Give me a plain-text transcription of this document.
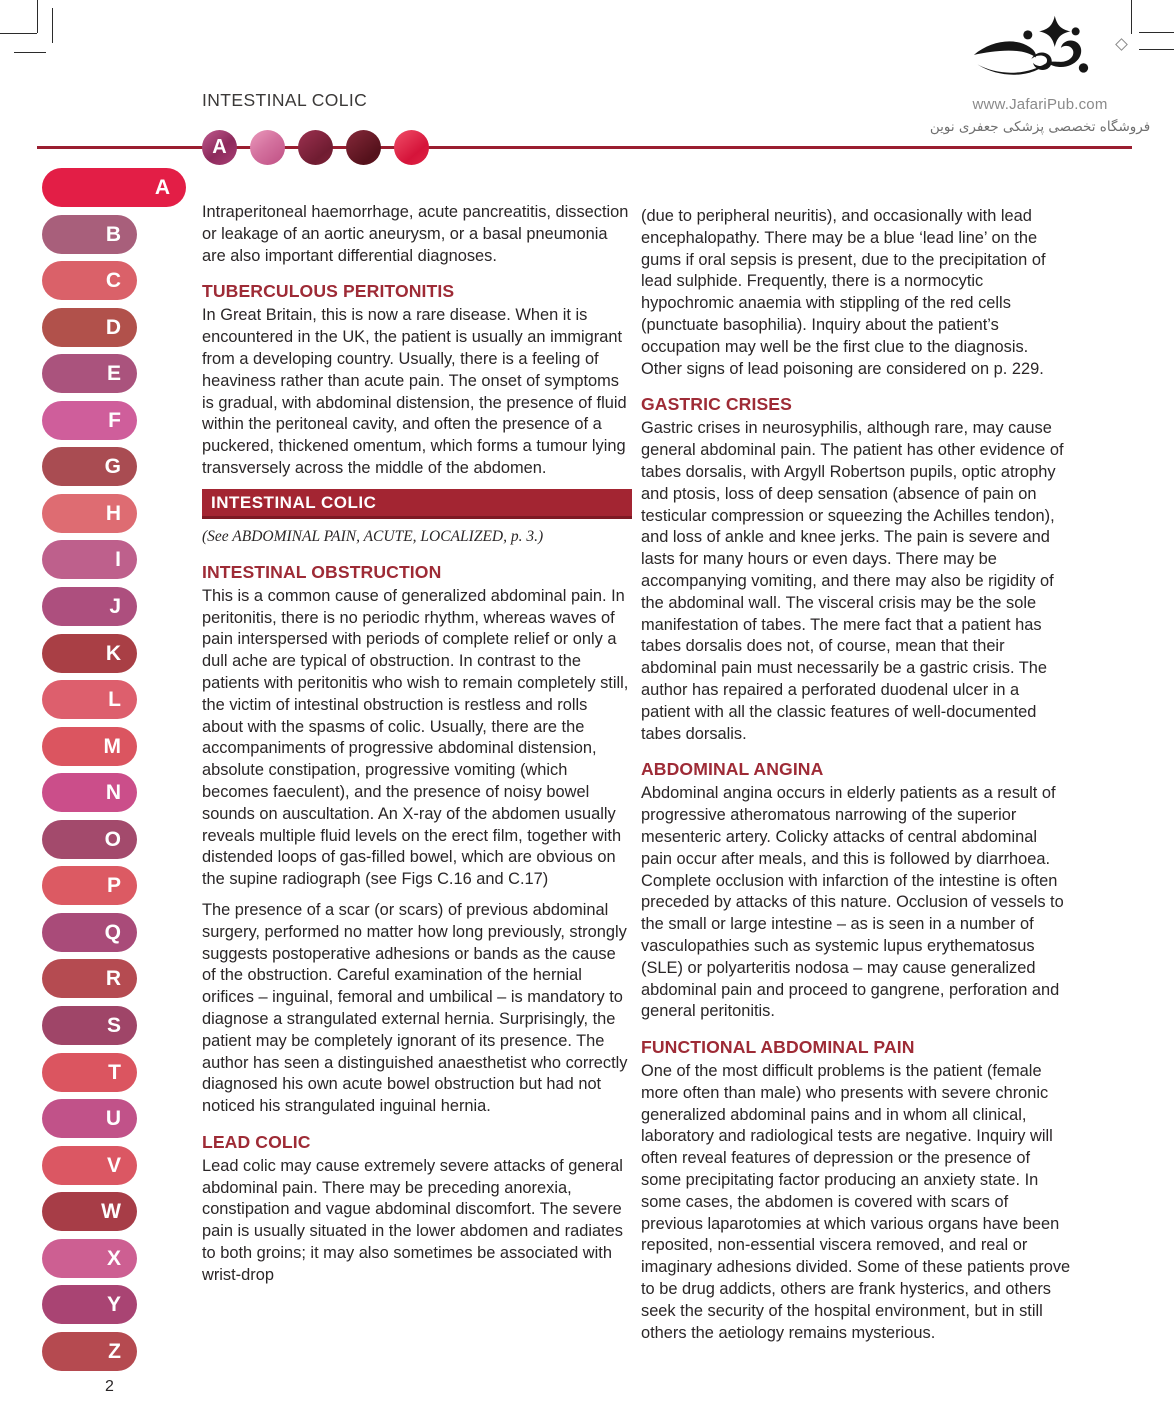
INTESTINAL COLIC	www.JafariPub.com
فروشگاه تخصصی پزشکی جعفری نوین
A
A
B
C
D
E
F
G
H
I
J
K
L
M
N
O
P
Q
R
S
T
U
V
W
X
Y
Z

Intraperitoneal haemorrhage, acute pancreatitis, dissection or leakage of an aortic aneurysm, or a basal pneumonia are also important differential diagnoses.

TUBERCULOUS PERITONITIS

In Great Britain, this is now a rare disease. When it is encountered in the UK, the patient is usually an immigrant from a developing country. Usually, there is a feeling of heaviness rather than acute pain. The onset of symptoms is gradual, with abdominal distension, the presence of fluid within the peritoneal cavity, and often the presence of a puckered, thickened omentum, which forms a tumour lying transversely across the middle of the abdomen.

INTESTINAL COLIC
(See ABDOMINAL PAIN, ACUTE, LOCALIZED, p. 3.)
INTESTINAL OBSTRUCTION

This is a common cause of generalized abdominal pain. In peritonitis, there is no periodic rhythm, whereas waves of pain interspersed with periods of complete relief or only a dull ache are typical of obstruction. In contrast to the patients with peritonitis who wish to remain completely still, the victim of intestinal obstruction is restless and rolls about with the spasms of colic. Usually, there are the accompaniments of progressive abdominal distension, absolute constipation, progressive vomiting (which becomes faeculent), and the presence of noisy bowel sounds on auscultation. An X-ray of the abdomen usually reveals multiple fluid levels on the erect film, together with distended loops of gas-filled bowel, which are obvious on the supine radiograph (see Figs C.16 and C.17)

The presence of a scar (or scars) of previous abdominal surgery, performed no matter how long previously, strongly suggests postoperative adhesions or bands as the cause of the obstruction. Careful examination of the hernial orifices – inguinal, femoral and umbilical – is mandatory to diagnose a strangulated external hernia. Surprisingly, the patient may be completely ignorant of its presence. The author has seen a distinguished anaesthetist who correctly diagnosed his own acute bowel obstruction but had not noticed his strangulated inguinal hernia.

LEAD COLIC

Lead colic may cause extremely severe attacks of general abdominal pain. There may be preceding anorexia, constipation and vague abdominal discomfort. The severe pain is usually situated in the lower abdomen and radiates to both groins; it may also sometimes be associated with wrist-drop

(due to peripheral neuritis), and occasionally with lead encephalopathy. There may be a blue ‘lead line’ on the gums if oral sepsis is present, due to the precipitation of lead sulphide. Frequently, there is a normocytic hypochromic anaemia with stippling of the red cells (punctuate basophilia). Inquiry about the patient’s occupation may well be the first clue to the diagnosis. Other signs of lead poisoning are considered on p. 229.

GASTRIC CRISES

Gastric crises in neurosyphilis, although rare, may cause general abdominal pain. The patient has other evidence of tabes dorsalis, with Argyll Robertson pupils, optic atrophy and ptosis, loss of deep sensation (absence of pain on testicular compression or squeezing the Achilles tendon), and loss of ankle and knee jerks. The pain is severe and lasts for many hours or even days. There may be accompanying vomiting, and there may also be rigidity of the abdominal wall. The visceral crisis may be the sole manifestation of tabes. The mere fact that a patient has tabes dorsalis does not, of course, mean that their abdominal pain must necessarily be a gastric crisis. The author has repaired a perforated duodenal ulcer in a patient with all the classic features of well-documented tabes dorsalis.

ABDOMINAL ANGINA

Abdominal angina occurs in elderly patients as a result of progressive atheromatous narrowing of the superior mesenteric artery. Colicky attacks of central abdominal pain occur after meals, and this is followed by diarrhoea. Complete occlusion with infarction of the intestine is often preceded by attacks of this nature. Occlusion of vessels to the small or large intestine – as is seen in a number of vasculopathies such as systemic lupus erythematosus (SLE) or polyarteritis nodosa – may cause generalized abdominal pain and proceed to gangrene, perforation and general peritonitis.

FUNCTIONAL ABDOMINAL PAIN

One of the most difficult problems is the patient (female more often than male) who presents with severe chronic generalized abdominal pains and in whom all clinical, laboratory and radiological tests are negative. Inquiry will often reveal features of depression or the presence of some precipitating factor producing an anxiety state. In some cases, the abdomen is covered with scars of previous laparotomies at which various organs have been reposited, non-essential viscera removed, and real or imaginary adhesions divided. Some of these patients prove to be drug addicts, others are frank hysterics, and others seek the security of the hospital environment, but in still others the aetiology remains mysterious.

2
